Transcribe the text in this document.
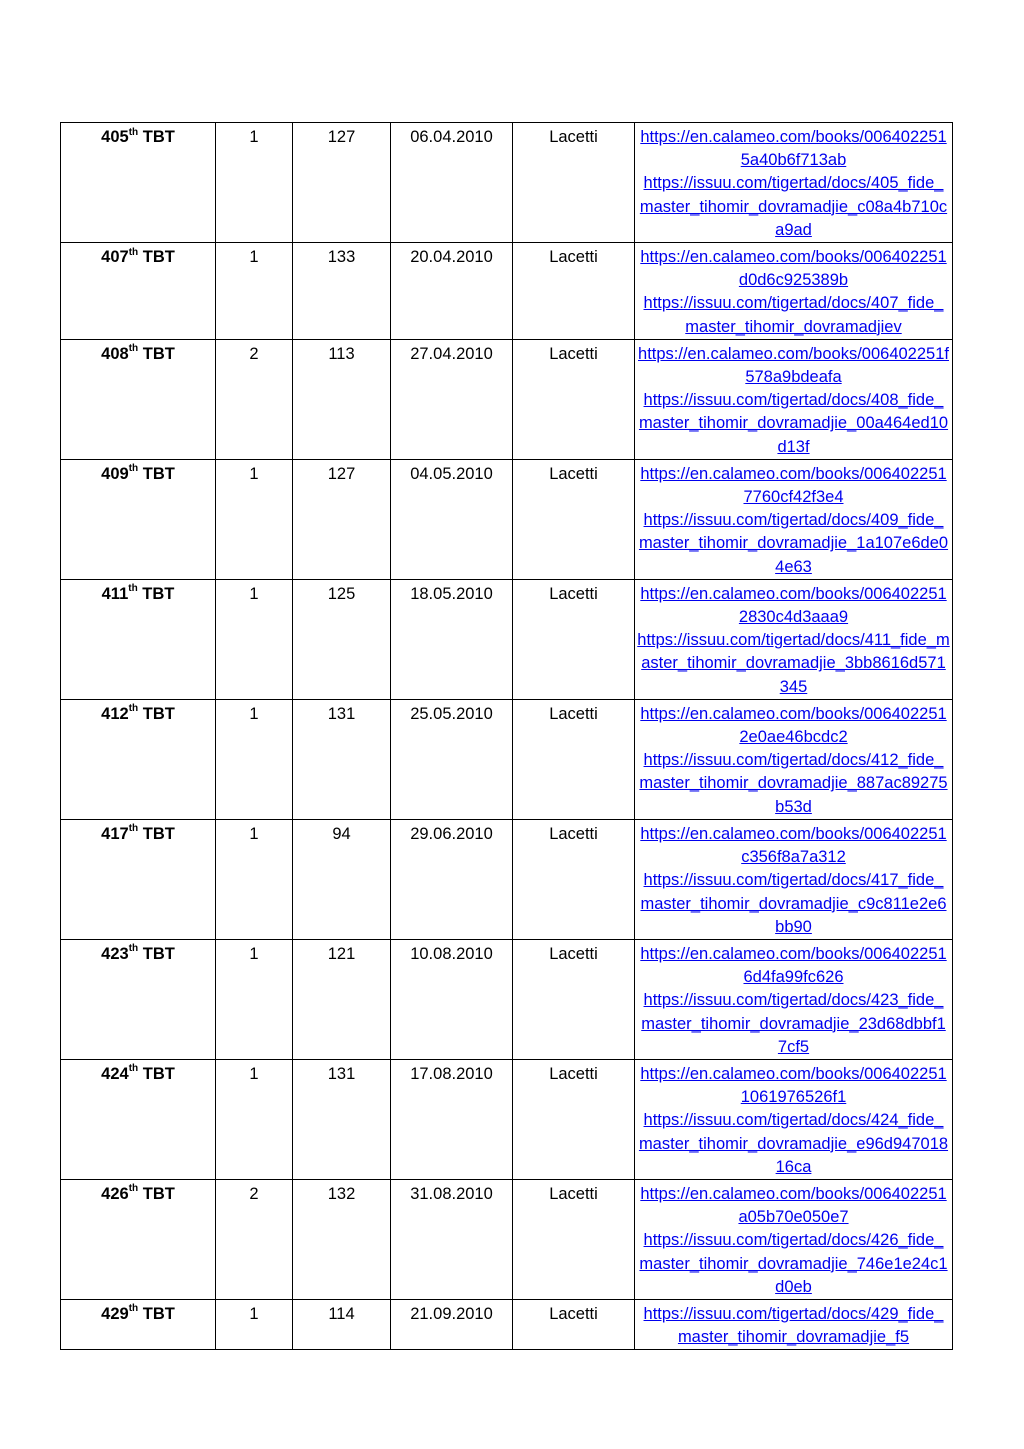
405th TBT	1	127	06.04.2010	Lacetti	https://en.calameo.com/books/0064022515a40b6f713ab
https://issuu.com/tigertad/docs/405_fide_master_tihomir_dovramadjie_c08a4b710ca9ad

407th TBT	1	133	20.04.2010	Lacetti	https://en.calameo.com/books/006402251d0d6c925389b
https://issuu.com/tigertad/docs/407_fide_master_tihomir_dovramadjiev

408th TBT	2	113	27.04.2010	Lacetti	https://en.calameo.com/books/006402251f578a9bdeafa
https://issuu.com/tigertad/docs/408_fide_master_tihomir_dovramadjie_00a464ed10d13f

409th TBT	1	127	04.05.2010	Lacetti	https://en.calameo.com/books/0064022517760cf42f3e4
https://issuu.com/tigertad/docs/409_fide_master_tihomir_dovramadjie_1a107e6de04e63

411th TBT	1	125	18.05.2010	Lacetti	https://en.calameo.com/books/0064022512830c4d3aaa9
https://issuu.com/tigertad/docs/411_fide_master_tihomir_dovramadjie_3bb8616d571345

412th TBT	1	131	25.05.2010	Lacetti	https://en.calameo.com/books/0064022512e0ae46bcdc2
https://issuu.com/tigertad/docs/412_fide_master_tihomir_dovramadjie_887ac89275b53d

417th TBT	1	94	29.06.2010	Lacetti	https://en.calameo.com/books/006402251c356f8a7a312
https://issuu.com/tigertad/docs/417_fide_master_tihomir_dovramadjie_c9c811e2e6bb90

423th TBT	1	121	10.08.2010	Lacetti	https://en.calameo.com/books/0064022516d4fa99fc626
https://issuu.com/tigertad/docs/423_fide_master_tihomir_dovramadjie_23d68dbbf17cf5

424th TBT	1	131	17.08.2010	Lacetti	https://en.calameo.com/books/0064022511061976526f1
https://issuu.com/tigertad/docs/424_fide_master_tihomir_dovramadjie_e96d94701816ca

426th TBT	2	132	31.08.2010	Lacetti	https://en.calameo.com/books/006402251a05b70e050e7
https://issuu.com/tigertad/docs/426_fide_master_tihomir_dovramadjie_746e1e24c1d0eb

429th TBT	1	114	21.09.2010	Lacetti	https://issuu.com/tigertad/docs/429_fide_master_tihomir_dovramadjie_f5
